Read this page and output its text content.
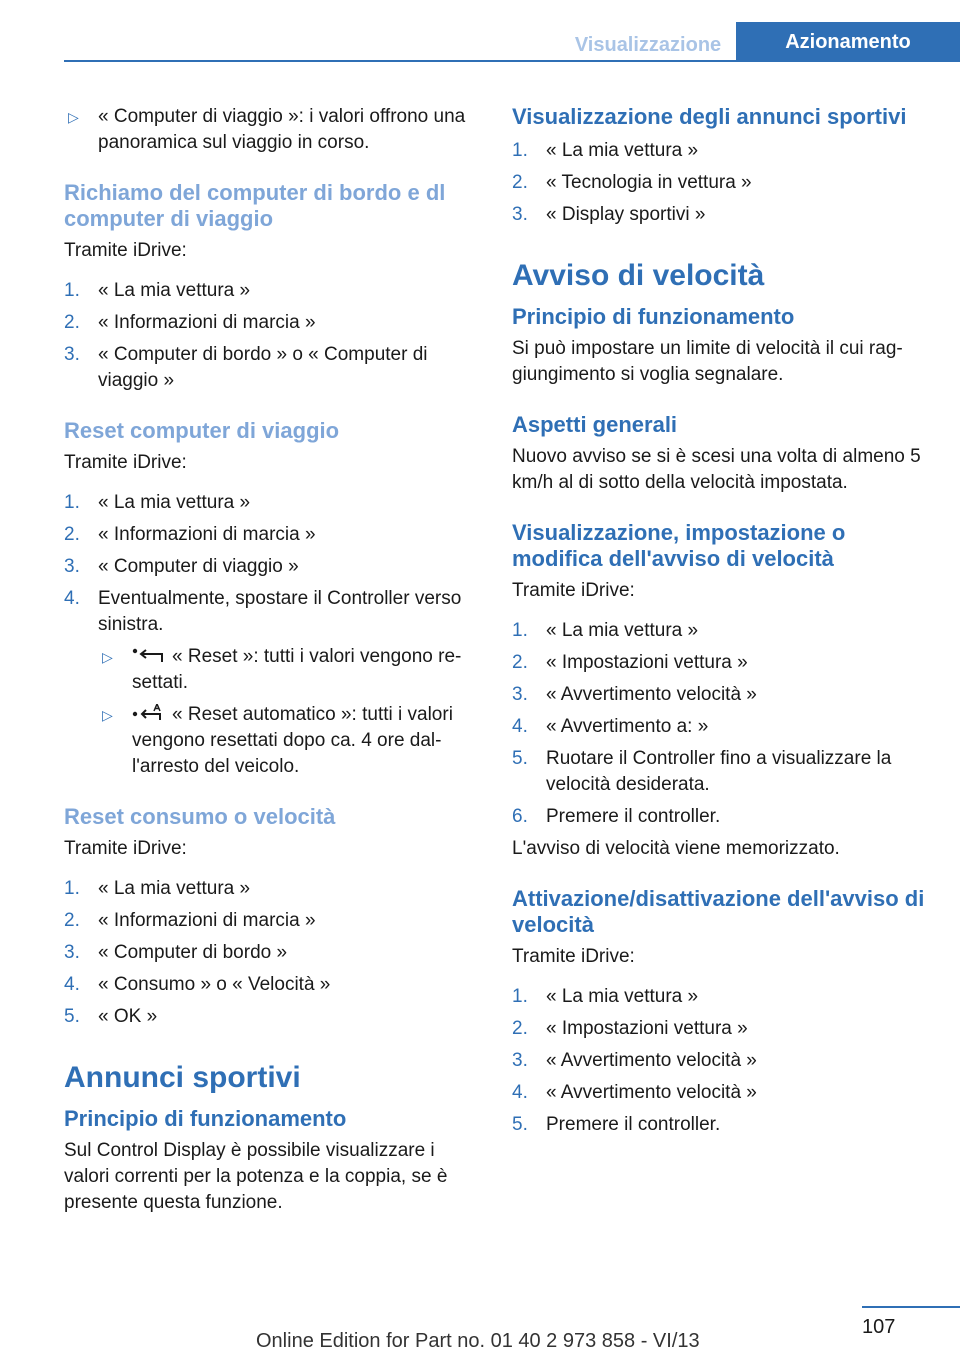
Visualizzazione	Azionamento
▷ « Computer di viaggio »: i valori offrono una panoramica sul viaggio in corso.
Richiamo del computer di bordo e dl computer di viaggio
Tramite iDrive:
1. « La mia vettura »
2. « Informazioni di marcia »
3. « Computer di bordo » o « Computer di viaggio »
Reset computer di viaggio
Tramite iDrive:
1. « La mia vettura »
2. « Informazioni di marcia »
3. « Computer di viaggio »
4. Eventualmente, spostare il Controller verso sinistra.
▷	« Reset »: tutti i valori vengono re‐settati.
▷	« Reset automatico »: tutti i valori vengono resettati dopo ca. 4 ore dal‐l'arresto del veicolo.
Reset consumo o velocità
Tramite iDrive:
1. « La mia vettura »
2. « Informazioni di marcia »
3. « Computer di bordo »
4. « Consumo » o « Velocità »
5. « OK »
Annunci sportivi
Principio di funzionamento
Sul Control Display è possibile visualizzare i valori correnti per la potenza e la coppia, se è presente questa funzione.
Visualizzazione degli annunci sportivi
1. « La mia vettura »
2. « Tecnologia in vettura »
3. « Display sportivi »
Avviso di velocità
Principio di funzionamento
Si può impostare un limite di velocità il cui rag‐giungimento si voglia segnalare.
Aspetti generali
Nuovo avviso se si è scesi una volta di almeno 5 km/h al di sotto della velocità impostata.
Visualizzazione, impostazione o modifica dell'avviso di velocità
Tramite iDrive:
1. « La mia vettura »
2. « Impostazioni vettura »
3. « Avvertimento velocità »
4. « Avvertimento a: »
5. Ruotare il Controller fino a visualizzare la velocità desiderata.
6. Premere il controller.
L'avviso di velocità viene memorizzato.
Attivazione/disattivazione dell'avviso di velocità
Tramite iDrive:
1. « La mia vettura »
2. « Impostazioni vettura »
3. « Avvertimento velocità »
4. « Avvertimento velocità »
5. Premere il controller.
107
Online Edition for Part no. 01 40 2 973 858 - VI/13
